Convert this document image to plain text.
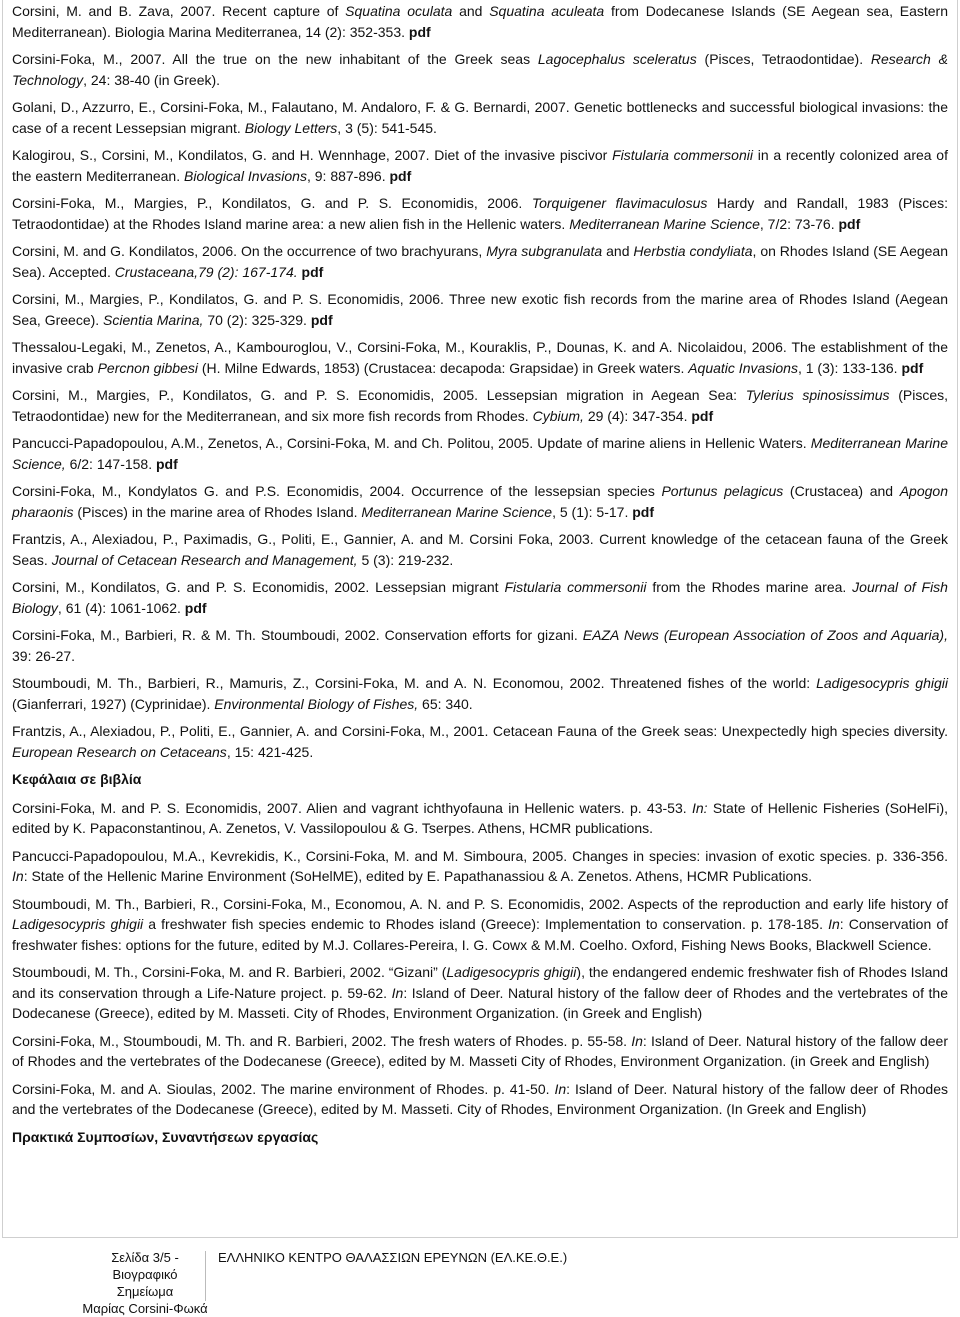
Corsini, M. and B. Zava, 2007. Recent capture of Squatina oculata and Squatina aculeata from Dodecanese Islands (SE Aegean sea, Eastern Mediterranean). Biologia Marina Mediterranea, 14 (2): 352-353. pdf
Corsini-Foka, M., 2007. All the true on the new inhabitant of the Greek seas Lagocephalus sceleratus (Pisces, Tetraodontidae). Research & Technology, 24: 38-40 (in Greek).
Golani, D., Azzurro, E., Corsini-Foka, M., Falautano, M. Andaloro, F. & G. Bernardi, 2007. Genetic bottlenecks and successful biological invasions: the case of a recent Lessepsian migrant. Biology Letters, 3 (5): 541-545.
Kalogirou, S., Corsini, M., Kondilatos, G. and H. Wennhage, 2007. Diet of the invasive piscivor Fistularia commersonii in a recently colonized area of the eastern Mediterranean. Biological Invasions, 9: 887-896. pdf
Corsini-Foka, M., Margies, P., Kondilatos, G. and P. S. Economidis, 2006. Torquigener flavimaculosus Hardy and Randall, 1983 (Pisces: Tetraodontidae) at the Rhodes Island marine area: a new alien fish in the Hellenic waters. Mediterranean Marine Science, 7/2: 73-76. pdf
Corsini, M. and G. Kondilatos, 2006. On the occurrence of two brachyurans, Myra subgranulata and Herbstia condyliata, on Rhodes Island (SE Aegean Sea). Accepted. Crustaceana,79 (2): 167-174. pdf
Corsini, M., Margies, P., Kondilatos, G. and P. S. Economidis, 2006. Three new exotic fish records from the marine area of Rhodes Island (Aegean Sea, Greece). Scientia Marina, 70 (2): 325-329. pdf
Thessalou-Legaki, M., Zenetos, A., Kambouroglou, V., Corsini-Foka, M., Kouraklis, P., Dounas, K. and A. Nicolaidou, 2006. The establishment of the invasive crab Percnon gibbesi (H. Milne Edwards, 1853) (Crustacea: decapoda: Grapsidae) in Greek waters. Aquatic Invasions, 1 (3): 133-136. pdf
Corsini, M., Margies, P., Kondilatos, G. and P. S. Economidis, 2005. Lessepsian migration in Aegean Sea: Tylerius spinosissimus (Pisces, Tetraodontidae) new for the Mediterranean, and six more fish records from Rhodes. Cybium, 29 (4): 347-354. pdf
Pancucci-Papadopoulou, A.M., Zenetos, A., Corsini-Foka, M. and Ch. Politou, 2005. Update of marine aliens in Hellenic Waters. Mediterranean Marine Science, 6/2: 147-158. pdf
Corsini-Foka, M., Kondylatos G. and P.S. Economidis, 2004. Occurrence of the lessepsian species Portunus pelagicus (Crustacea) and Apogon pharaonis (Pisces) in the marine area of Rhodes Island. Mediterranean Marine Science, 5 (1): 5-17. pdf
Frantzis, A., Alexiadou, P., Paximadis, G., Politi, E., Gannier, A. and M. Corsini Foka, 2003. Current knowledge of the cetacean fauna of the Greek Seas. Journal of Cetacean Research and Management, 5 (3): 219-232.
Corsini, M., Kondilatos, G. and P. S. Economidis, 2002. Lessepsian migrant Fistularia commersonii from the Rhodes marine area. Journal of Fish Biology, 61 (4): 1061-1062. pdf
Corsini-Foka, M., Barbieri, R. & M. Th. Stoumboudi, 2002. Conservation efforts for gizani. EAZA News (European Association of Zoos and Aquaria), 39: 26-27.
Stoumboudi, M. Th., Barbieri, R., Mamuris, Z., Corsini-Foka, M. and A. N. Economou, 2002. Threatened fishes of the world: Ladigesocypris ghigii (Gianferrari, 1927) (Cyprinidae). Environmental Biology of Fishes, 65: 340.
Frantzis, A., Alexiadou, P., Politi, E., Gannier, A. and Corsini-Foka, M., 2001. Cetacean Fauna of the Greek seas: Unexpectedly high species diversity. European Research on Cetaceans, 15: 421-425.
Κεφάλαια σε βιβλία
Corsini-Foka, M. and P. S. Economidis, 2007. Alien and vagrant ichthyofauna in Hellenic waters. p. 43-53. In: State of Hellenic Fisheries (SoHelFi), edited by K. Papaconstantinou, A. Zenetos, V. Vassilopoulou & G. Tserpes. Athens, HCMR publications.
Pancucci-Papadopoulou, M.A., Kevrekidis, K., Corsini-Foka, M. and M. Simboura, 2005. Changes in species: invasion of exotic species. p. 336-356. In: State of the Hellenic Marine Environment (SoHelME), edited by E. Papathanassiou & A. Zenetos. Athens, HCMR Publications.
Stoumboudi, M. Th., Barbieri, R., Corsini-Foka, M., Economou, A. N. and P. S. Economidis, 2002. Aspects of the reproduction and early life history of Ladigesocypris ghigii a freshwater fish species endemic to Rhodes island (Greece): Implementation to conservation. p. 178-185. In: Conservation of freshwater fishes: options for the future, edited by M.J. Collares-Pereira, I. G. Cowx & M.M. Coelho. Oxford, Fishing News Books, Blackwell Science.
Stoumboudi, M. Th., Corsini-Foka, M. and R. Barbieri, 2002. “Gizani” (Ladigesocypris ghigii), the endangered endemic freshwater fish of Rhodes Island and its conservation through a Life-Nature project. p. 59-62. In: Island of Deer. Natural history of the fallow deer of Rhodes and the vertebrates of the Dodecanese (Greece), edited by M. Masseti. City of Rhodes, Environment Organization. (in Greek and English)
Corsini-Foka, M., Stoumboudi, M. Th. and R. Barbieri, 2002. The fresh waters of Rhodes. p. 55-58. In: Island of Deer. Natural history of the fallow deer of Rhodes and the vertebrates of the Dodecanese (Greece), edited by M. Masseti City of Rhodes, Environment Organization. (in Greek and English)
Corsini-Foka, M. and A. Sioulas, 2002. The marine environment of Rhodes. p. 41-50. In: Island of Deer. Natural history of the fallow deer of Rhodes and the vertebrates of the Dodecanese (Greece), edited by M. Masseti. City of Rhodes, Environment Organization. (In Greek and English)
Πρακτικά Συμποσίων, Συναντήσεων εργασίας
Σελίδα 3/5 - Βιογραφικό
Σημείωμα
Μαρίας Corsini-Φωκά
ΕΛΛΗΝΙΚΟ ΚΕΝΤΡΟ ΘΑΛΑΣΣΙΩΝ ΕΡΕΥΝΩΝ (ΕΛ.ΚΕ.Θ.Ε.)
